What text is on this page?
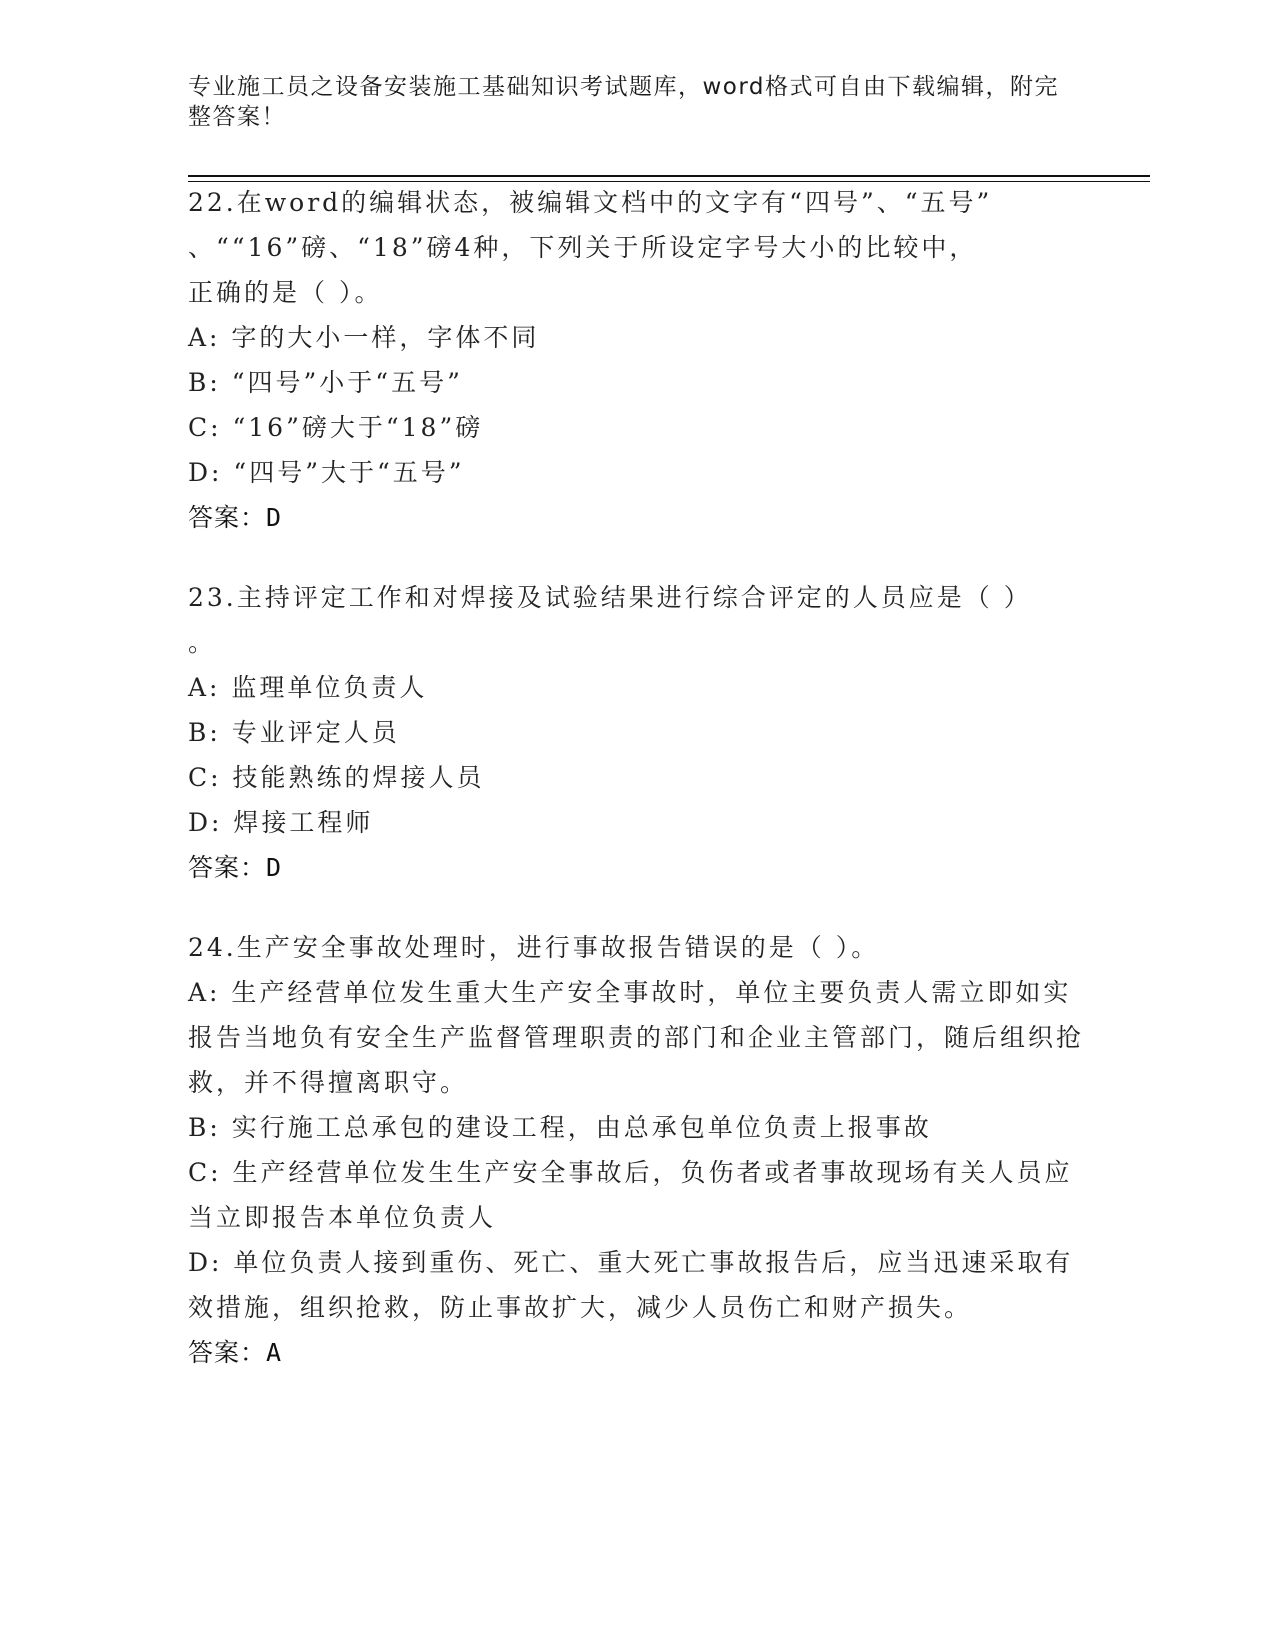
专业施工员之设备安装施工基础知识考试题库，word格式可自由下载编辑，附完整答案！
22.在word的编辑状态，被编辑文档中的文字有“四号”、“五号”
、““16”磅、“18”磅4种，下列关于所设定字号大小的比较中，
正确的是（ ）。
A: 字的大小一样，字体不同
B: “四号”小于“五号”
C: “16”磅大于“18”磅
D: “四号”大于“五号”
答案：D
23.主持评定工作和对焊接及试验结果进行综合评定的人员应是（ ）
。
A: 监理单位负责人
B: 专业评定人员
C: 技能熟练的焊接人员
D: 焊接工程师
答案：D
24.生产安全事故处理时，进行事故报告错误的是（ ）。
A: 生产经营单位发生重大生产安全事故时，单位主要负责人需立即如实报告当地负有安全生产监督管理职责的部门和企业主管部门，随后组织抢救，并不得擅离职守。
B: 实行施工总承包的建设工程，由总承包单位负责上报事故
C: 生产经营单位发生生产安全事故后，负伤者或者事故现场有关人员应当立即报告本单位负责人
D: 单位负责人接到重伤、死亡、重大死亡事故报告后，应当迅速采取有效措施，组织抢救，防止事故扩大，减少人员伤亡和财产损失。
答案：A
